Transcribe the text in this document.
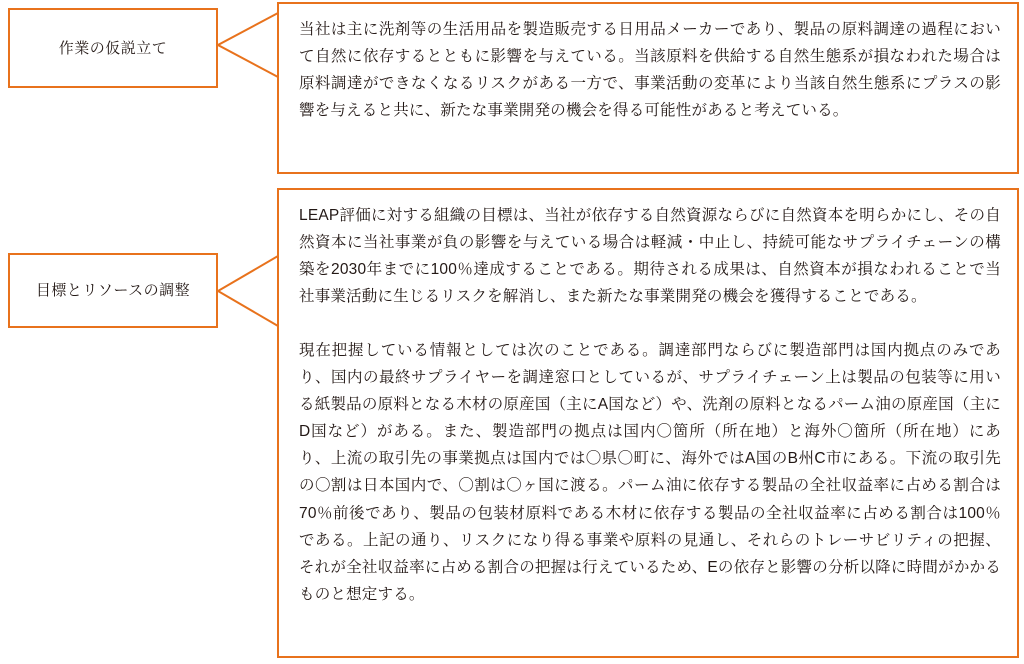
作業の仮説立て

当社は主に洗剤等の生活用品を製造販売する日用品メーカーであり、製品の原料調達の過程において自然に依存するとともに影響を与えている。当該原料を供給する自然生態系が損なわれた場合は原料調達ができなくなるリスクがある一方で、事業活動の変革により当該自然生態系にプラスの影響を与えると共に、新たな事業開発の機会を得る可能性があると考えている。

目標とリソースの調整

LEAP評価に対する組織の目標は、当社が依存する自然資源ならびに自然資本を明らかにし、その自然資本に当社事業が負の影響を与えている場合は軽減・中止し、持続可能なサプライチェーンの構築を2030年までに100％達成することである。期待される成果は、自然資本が損なわれることで当社事業活動に生じるリスクを解消し、また新たな事業開発の機会を獲得することである。

現在把握している情報としては次のことである。調達部門ならびに製造部門は国内拠点のみであり、国内の最終サプライヤーを調達窓口としているが、サプライチェーン上は製品の包装等に用いる紙製品の原料となる木材の原産国（主にA国など）や、洗剤の原料となるパーム油の原産国（主にD国など）がある。また、製造部門の拠点は国内〇箇所（所在地）と海外〇箇所（所在地）にあり、上流の取引先の事業拠点は国内では〇県〇町に、海外ではA国のB州C市にある。下流の取引先の〇割は日本国内で、〇割は〇ヶ国に渡る。パーム油に依存する製品の全社収益率に占める割合は70％前後であり、製品の包装材原料である木材に依存する製品の全社収益率に占める割合は100％である。上記の通り、リスクになり得る事業や原料の見通し、それらのトレーサビリティの把握、それが全社収益率に占める割合の把握は行えているため、Eの依存と影響の分析以降に時間がかかるものと想定する。
